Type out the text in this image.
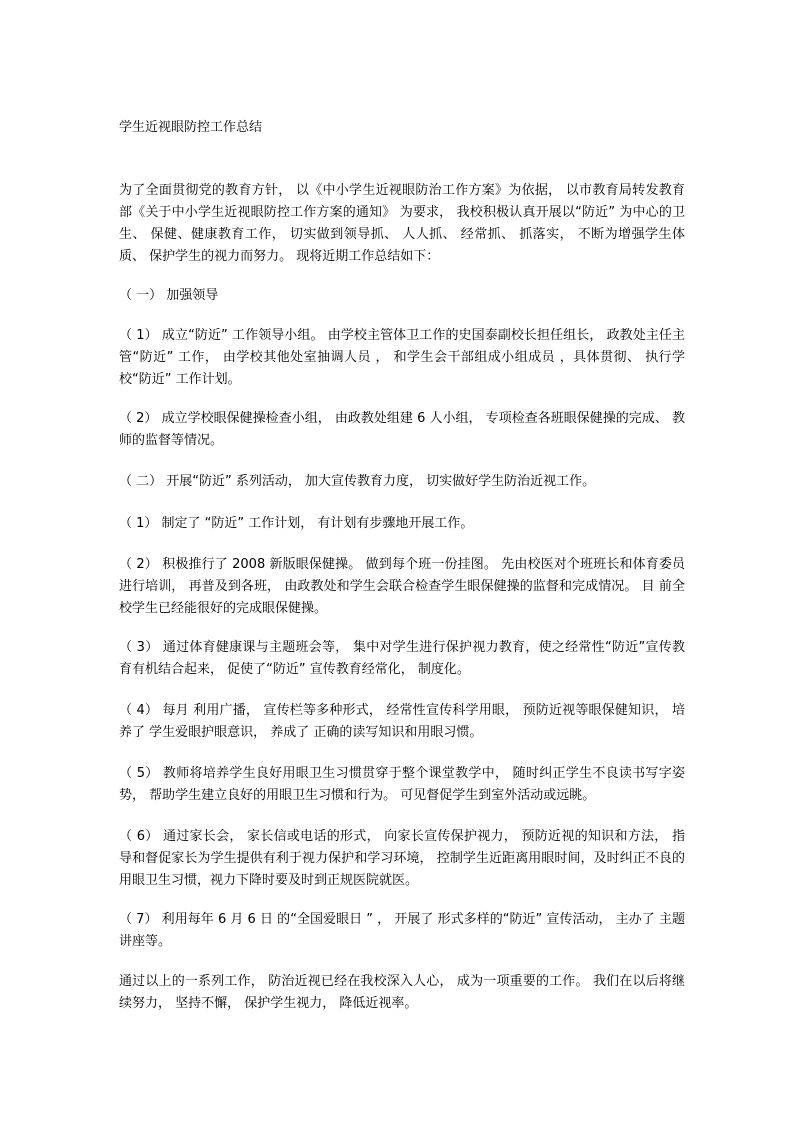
学生近视眼防控工作总结

为了全面贯彻党的教育方针， 以《中小学生近视眼防治工作方案》为依据， 以市教育局转发教育部《关于中小学生近视眼防控工作方案的通知》 为要求， 我校积极认真开展以“防近” 为中心的卫生、 保健、健康教育工作， 切实做到领导抓、 人人抓、 经常抓、 抓落实， 不断为增强学生体质、 保护学生的视力而努力。 现将近期工作总结如下：

（ 一） 加强领导

（ 1） 成立“防近” 工作领导小组。 由学校主管体卫工作的史国泰副校长担任组长， 政教处主任主管“防近” 工作， 由学校其他处室抽调人员 ， 和学生会干部组成小组成员 ，具体贯彻、 执行学校“防近” 工作计划。

（ 2） 成立学校眼保健操检查小组， 由政教处组建 6 人小组， 专项检查各班眼保健操的完成、 教师的监督等情况。

（ 二） 开展“防近” 系列活动， 加大宣传教育力度， 切实做好学生防治近视工作。

（ 1） 制定了 “防近” 工作计划， 有计划有步骤地开展工作。

（ 2） 积极推行了 2008 新版眼保健操。 做到每个班一份挂图。 先由校医对个班班长和体育委员 进行培训， 再普及到各班， 由政教处和学生会联合检查学生眼保健操的监督和完成情况。 目 前全校学生已经能很好的完成眼保健操。

（ 3） 通过体育健康课与主题班会等， 集中对学生进行保护视力教育，使之经常性“防近”宣传教育有机结合起来， 促使了“防近” 宣传教育经常化， 制度化。

（ 4） 每月 利用广播， 宣传栏等多种形式， 经常性宣传科学用眼， 预防近视等眼保健知识， 培养了 学生爱眼护眼意识， 养成了 正确的读写知识和用眼习惯。

（ 5） 教师将培养学生良好用眼卫生习惯贯穿于整个课堂教学中， 随时纠正学生不良读书写字姿势， 帮助学生建立良好的用眼卫生习惯和行为。 可见督促学生到室外活动或远眺。

（ 6） 通过家长会， 家长信或电话的形式， 向家长宣传保护视力， 预防近视的知识和方法， 指导和督促家长为学生提供有利于视力保护和学习环境， 控制学生近距离用眼时间，及时纠正不良的用眼卫生习惯，视力下降时要及时到正规医院就医。

（ 7） 利用每年 6 月 6 日 的“全国爱眼日 ” ， 开展了 形式多样的“防近” 宣传活动， 主办了 主题讲座等。

通过以上的一系列工作， 防治近视已经在我校深入人心， 成为一项重要的工作。 我们在以后将继续努力， 坚持不懈， 保护学生视力， 降低近视率。
